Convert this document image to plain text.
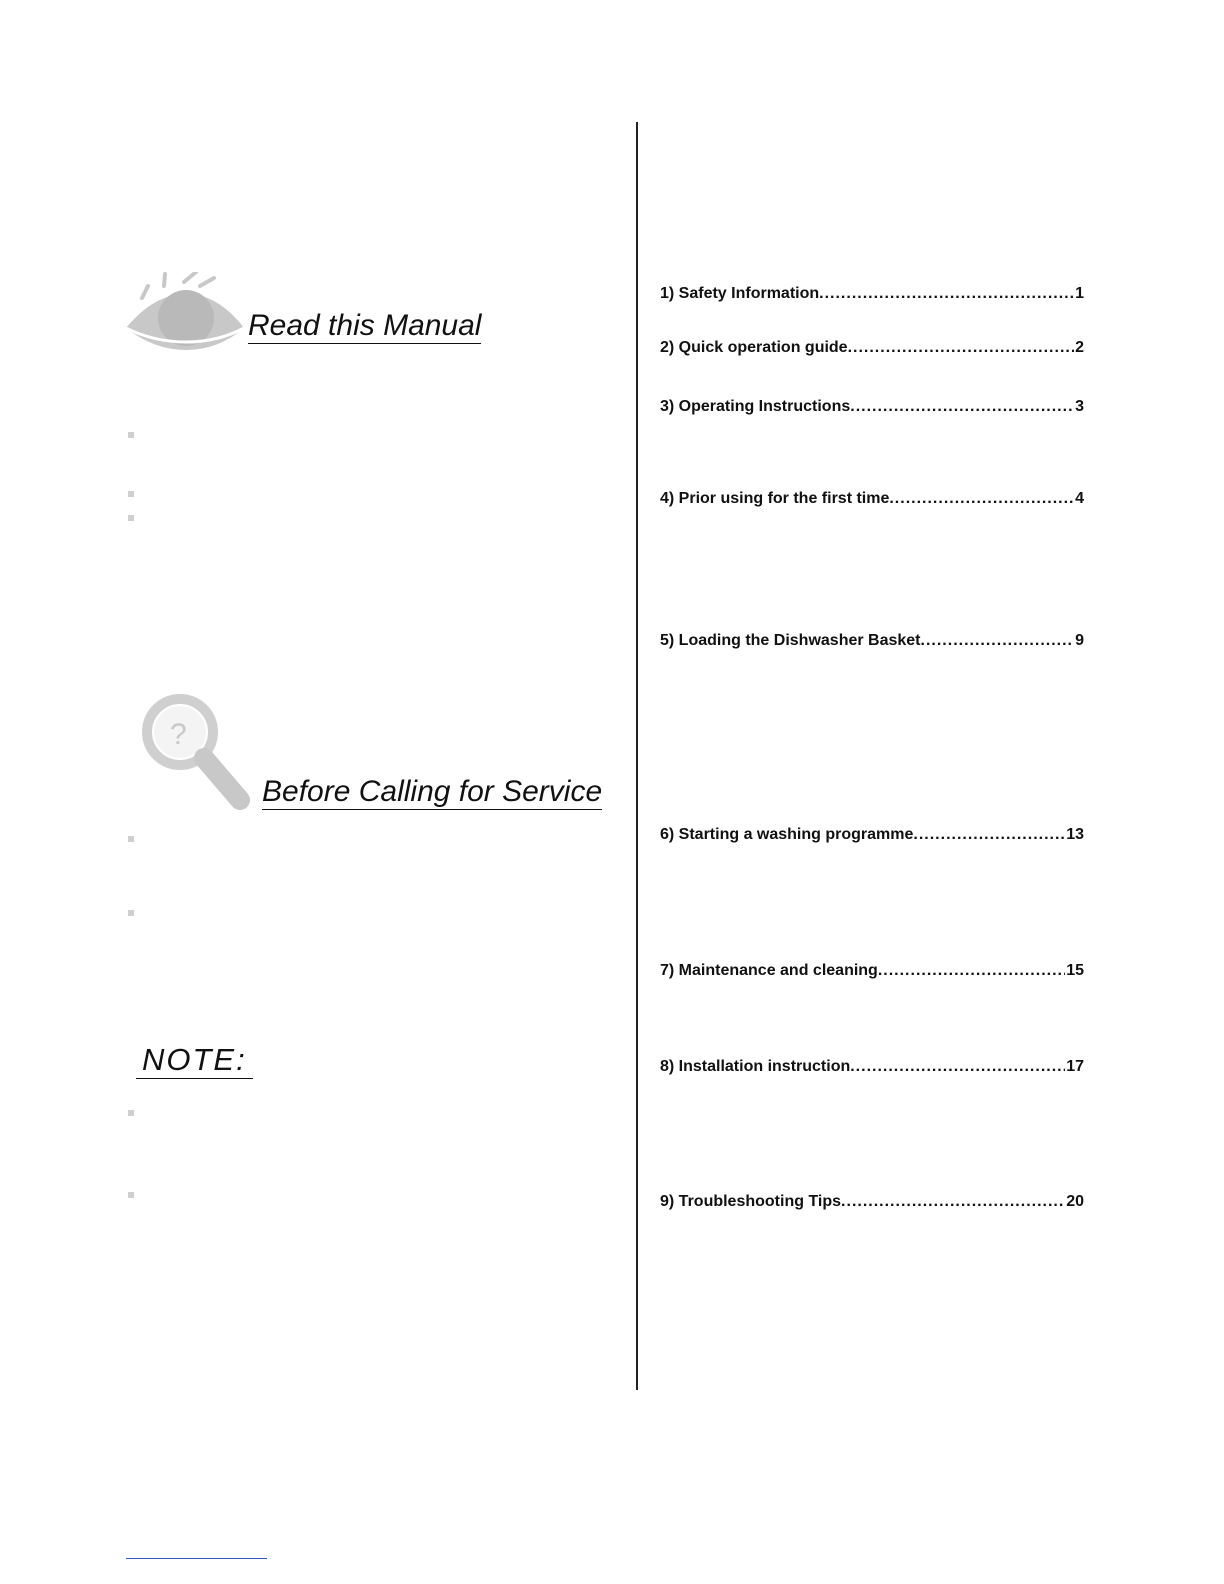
Read this Manual
?
Before Calling for Service
NOTE:
1) Safety Information .....	1
2) Quick operation guide .....	2
3) Operating Instructions .....	3
4) Prior using for the first time .....	4
5) Loading the Dishwasher Basket .....	9
6) Starting a washing programme .....	13
7) Maintenance and cleaning .....	15
8) Installation instruction .....	17
9) Troubleshooting Tips .....	20
